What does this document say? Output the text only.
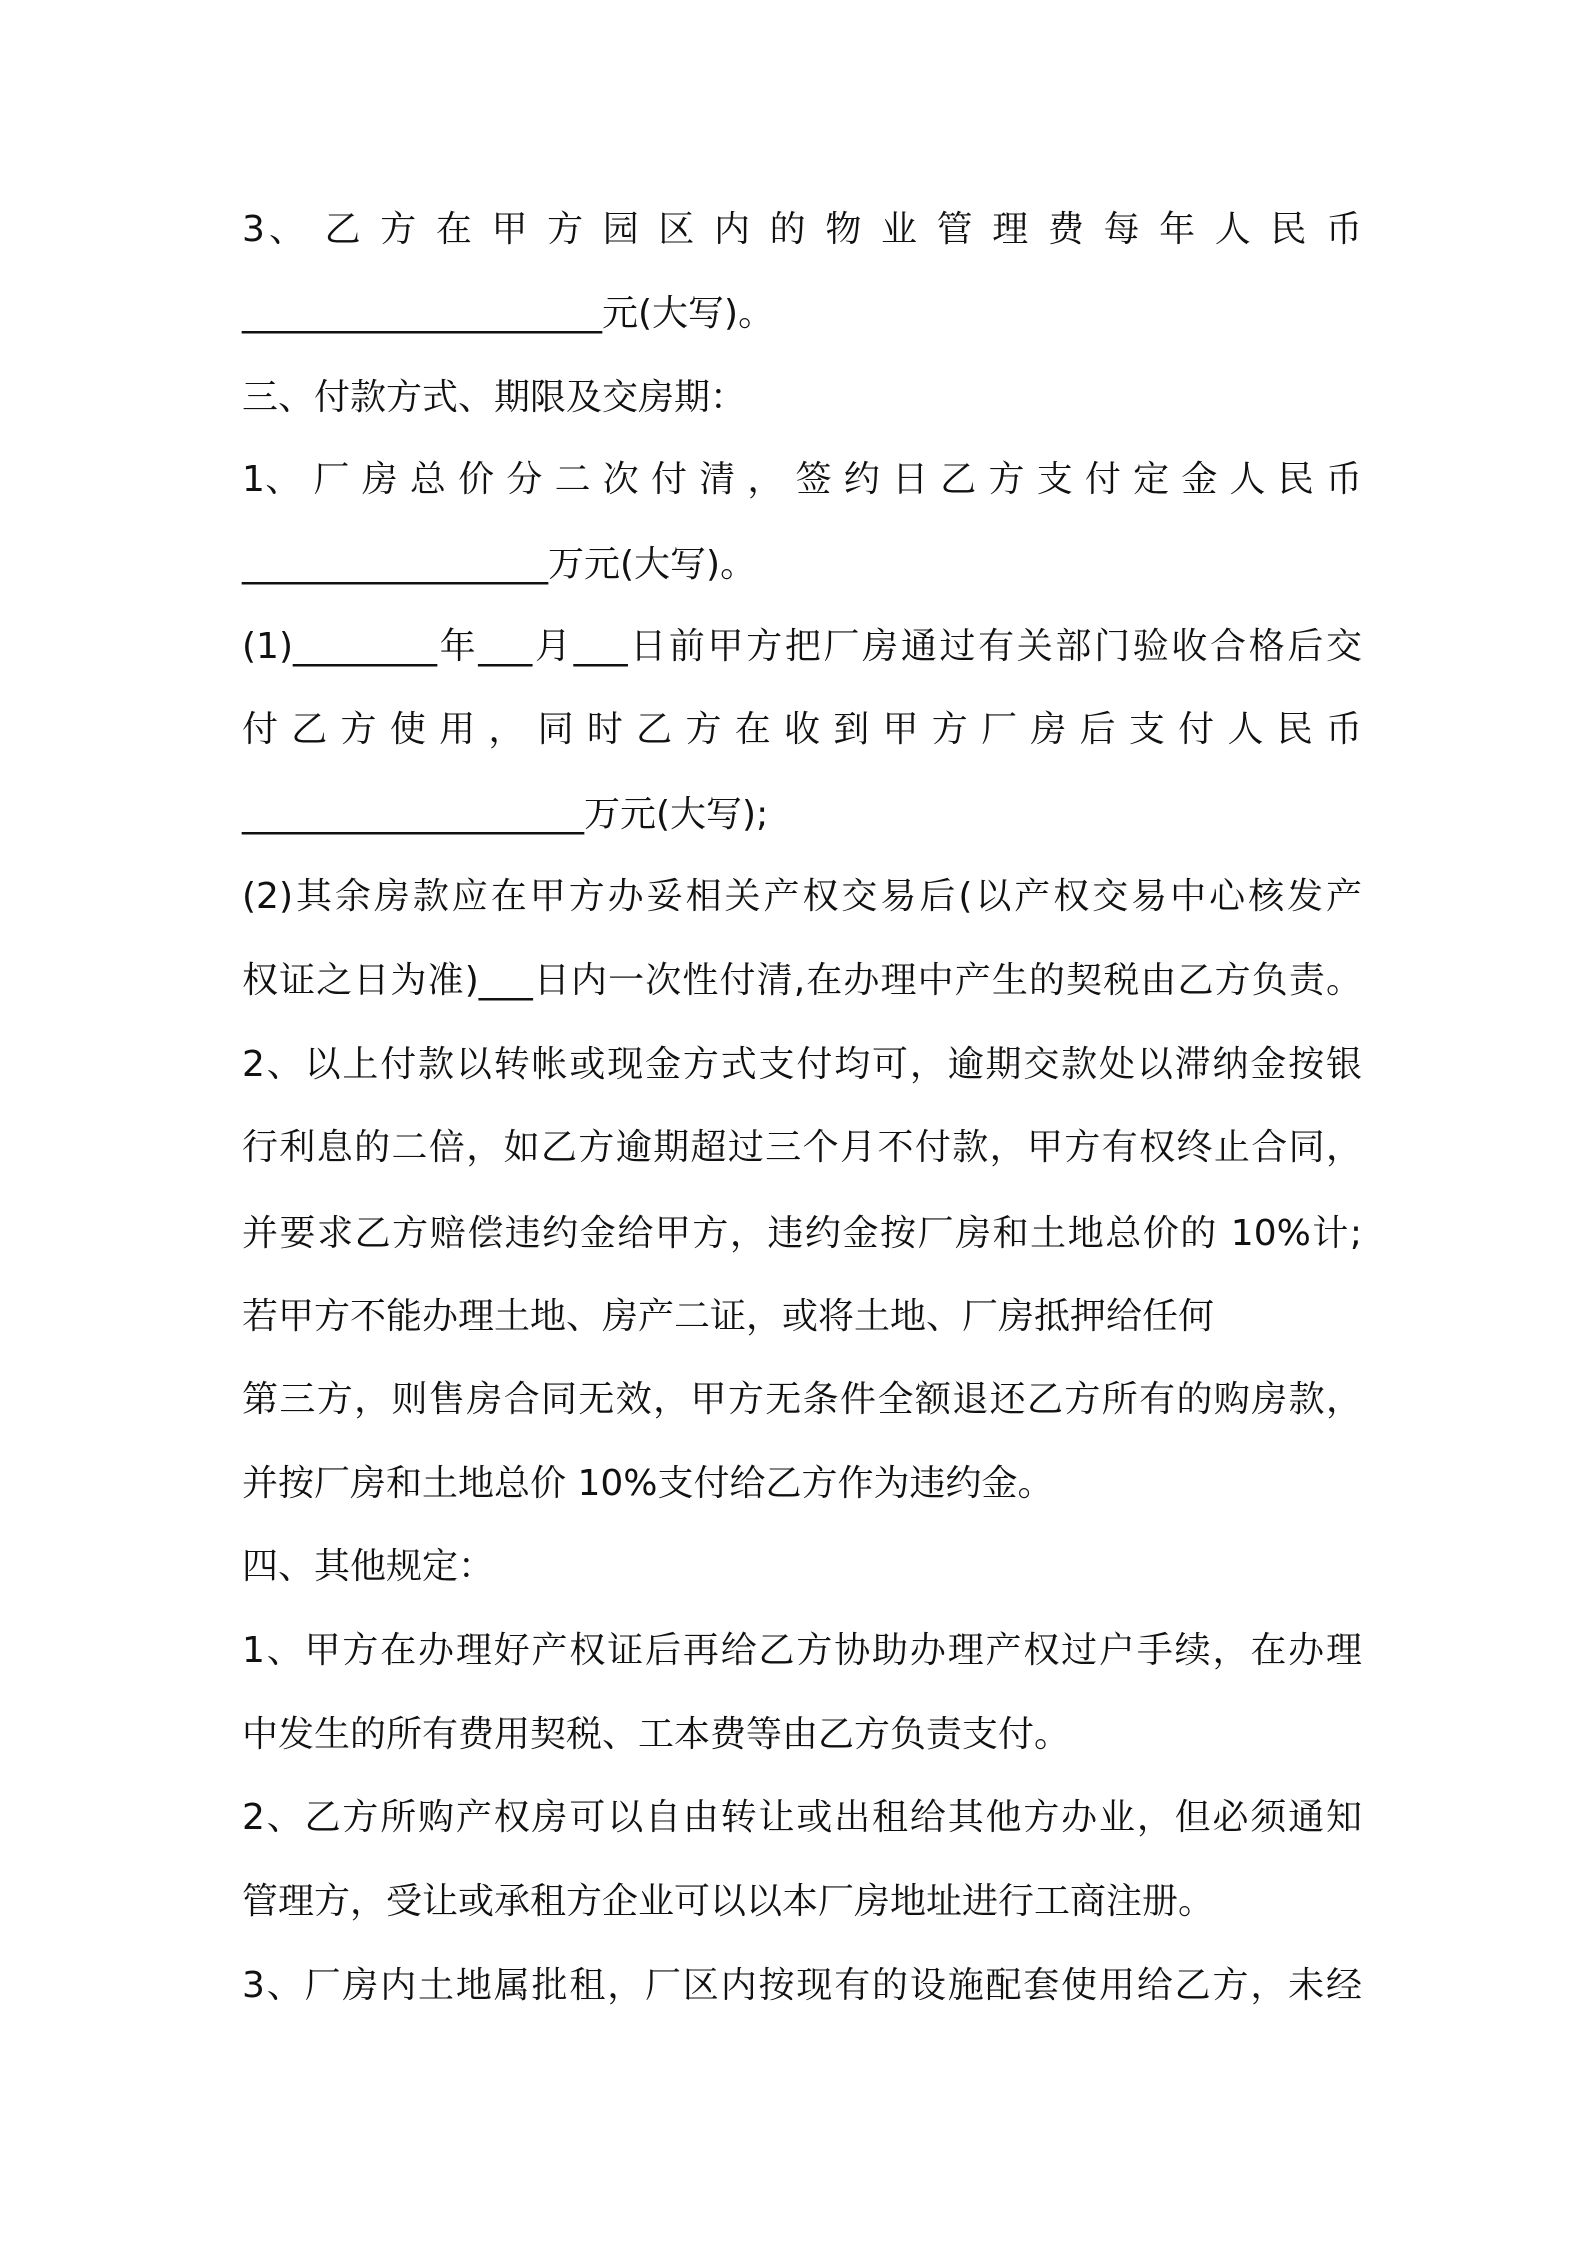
3、 乙 方 在 甲 方 园 区 内 的 物 业 管 理 费 每 年 人 民 币
____________________元(大写)。
三、付款方式、期限及交房期：
1、 厂 房 总 价 分 二 次 付 清 ， 签 约 日 乙 方 支 付 定 金 人 民 币
_________________万元(大写)。
(1)________年___月___日前甲方把厂房通过有关部门验收合格后交
付 乙 方 使 用 ， 同 时 乙 方 在 收 到 甲 方 厂 房 后 支 付 人 民 币
___________________万元(大写);
(2)其余房款应在甲方办妥相关产权交易后(以产权交易中心核发产
权证之日为准)___日内一次性付清,在办理中产生的契税由乙方负责。
2、以上付款以转帐或现金方式支付均可，逾期交款处以滞纳金按银
行利息的二倍，如乙方逾期超过三个月不付款，甲方有权终止合同，
并要求乙方赔偿违约金给甲方，违约金按厂房和土地总价的 10%计;
若甲方不能办理土地、房产二证，或将土地、厂房抵押给任何
第三方，则售房合同无效，甲方无条件全额退还乙方所有的购房款，
并按厂房和土地总价 10%支付给乙方作为违约金。
四、其他规定：
1、甲方在办理好产权证后再给乙方协助办理产权过户手续，在办理
中发生的所有费用契税、工本费等由乙方负责支付。
2、乙方所购产权房可以自由转让或出租给其他方办业，但必须通知
管理方，受让或承租方企业可以以本厂房地址进行工商注册。
3、厂房内土地属批租，厂区内按现有的设施配套使用给乙方，未经
